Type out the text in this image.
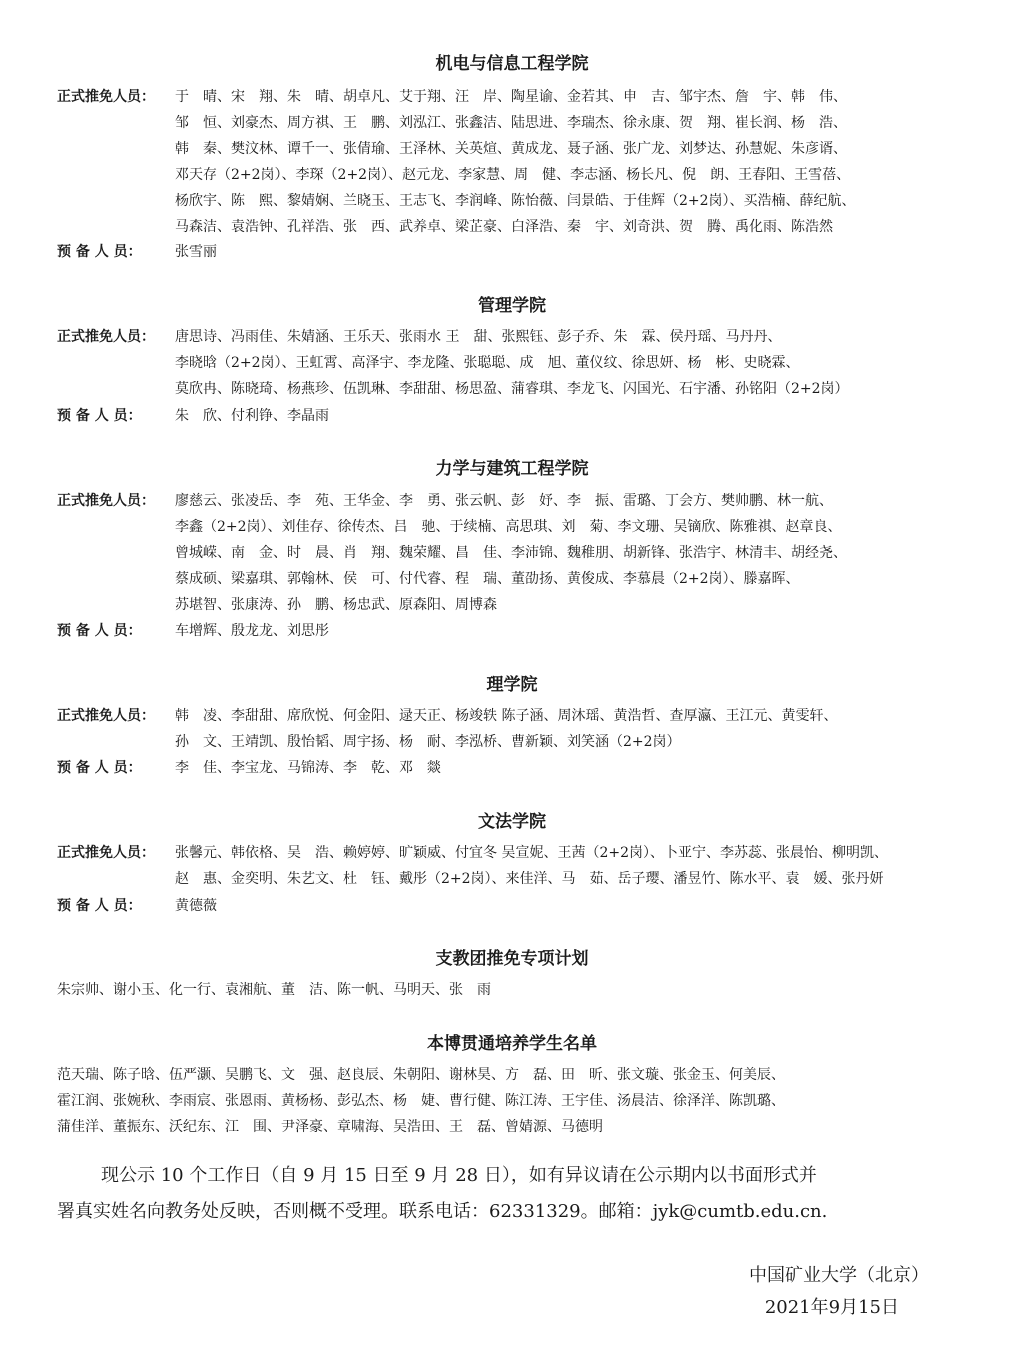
机电与信息工程学院
正式推免人员：	于　晴、宋　翔、朱　晴、胡卓凡、艾于翔、汪　岸、陶星谕、金若其、申　吉、邹宇杰、詹　宇、韩　伟、
邹　恒、刘豪杰、周方祺、王　鹏、刘泓江、张鑫洁、陆思进、李瑞杰、徐永康、贺　翔、崔长润、杨　浩、
韩　秦、樊汶林、谭千一、张倩瑜、王泽林、关英煊、黄成龙、聂子涵、张广龙、刘梦达、孙慧妮、朱彦谞、
邓天存（2+2岗）、李琛（2+2岗）、赵元龙、李家慧、周　健、李志涵、杨长凡、倪　朗、王春阳、王雪蓓、
杨欣宇、陈　熙、黎婧娴、兰晓玉、王志飞、李润峰、陈怡薇、闫景皓、于佳辉（2+2岗）、买浩楠、薛纪航、
马森洁、袁浩钟、孔祥浩、张　西、武养卓、梁芷豪、白泽浩、秦　宇、刘奇洪、贺　腾、禹化雨、陈浩然
预 备 人 员：	张雪丽
管理学院
正式推免人员：	唐思诗、冯雨佳、朱婧涵、王乐天、张雨水 王　甜、张熙钰、彭子乔、朱　霖、侯丹瑶、马丹丹、
李晓晗（2+2岗）、王虹霄、高泽宇、李龙隆、张聪聪、成　旭、董仪纹、徐思妍、杨　彬、史晓霖、
莫欣冉、陈晓琦、杨燕珍、伍凯琳、李甜甜、杨思盈、蒲睿琪、李龙飞、闪国光、石宇潘、孙铭阳（2+2岗）
预 备 人 员：	朱　欣、付利铮、李晶雨
力学与建筑工程学院
正式推免人员：	廖慈云、张凌岳、李　苑、王华金、李　勇、张云帆、彭　妤、李　振、雷璐、丁会方、樊帅鹏、林一航、
李鑫（2+2岗）、刘佳存、徐传杰、吕　驰、于续楠、高思琪、刘　菊、李文珊、吴镝欣、陈雅祺、赵章良、
曾城嵘、南　金、时　晨、肖　翔、魏荣耀、昌　佳、李沛锦、魏稚朋、胡新锋、张浩宇、林清丰、胡经尧、
蔡成硕、梁嘉琪、郭翰林、侯　可、付代睿、程　瑞、董劭扬、黄俊成、李慕晨（2+2岗）、滕嘉晖、
苏堪智、张康涛、孙　鹏、杨忠武、原森阳、周博森
预 备 人 员：	车增辉、殷龙龙、刘思彤
理学院
正式推免人员：	韩　凌、李甜甜、席欣悦、何金阳、逯天正、杨竣轶 陈子涵、周沐瑶、黄浩哲、查厚瀛、王江元、黄雯轩、
孙　文、王靖凯、殷怡韬、周宇扬、杨　耐、李泓桥、曹新颖、刘笑涵（2+2岗）
预 备 人 员：	李　佳、李宝龙、马锦涛、李　乾、邓　燚
文法学院
正式推免人员：	张馨元、韩依格、吴　浩、赖婷婷、旷颖威、付宜冬 吴宣妮、王茜（2+2岗）、卜亚宁、李苏蕊、张晨怡、柳明凯、
赵　惠、金奕明、朱艺文、杜　钰、戴彤（2+2岗）、来佳洋、马　茹、岳子璎、潘昱竹、陈水平、袁　媛、张丹妍
预 备 人 员：	黄德薇
支教团推免专项计划
朱宗帅、谢小玉、化一行、袁湘航、董　洁、陈一帆、马明天、张　雨
本博贯通培养学生名单
范天瑞、陈子晗、伍严灏、吴鹏飞、文　强、赵良辰、朱朝阳、谢林昊、方　磊、田　昕、张文璇、张金玉、何美辰、
霍江润、张婉秋、李雨宸、张恩雨、黄杨杨、彭弘杰、杨　婕、曹行健、陈江涛、王宇佳、汤晨洁、徐泽洋、陈凯璐、
蒲佳洋、董振东、沃纪东、江　围、尹泽豪、章啸海、吴浩田、王　磊、曾婧源、马德明
现公示 10 个工作日（自 9 月 15 日至 9 月 28 日），如有异议请在公示期内以书面形式并
署真实姓名向教务处反映，否则概不受理。联系电话：62331329。邮箱：jyk@cumtb.edu.cn.
中国矿业大学（北京）
2021年9月15日
